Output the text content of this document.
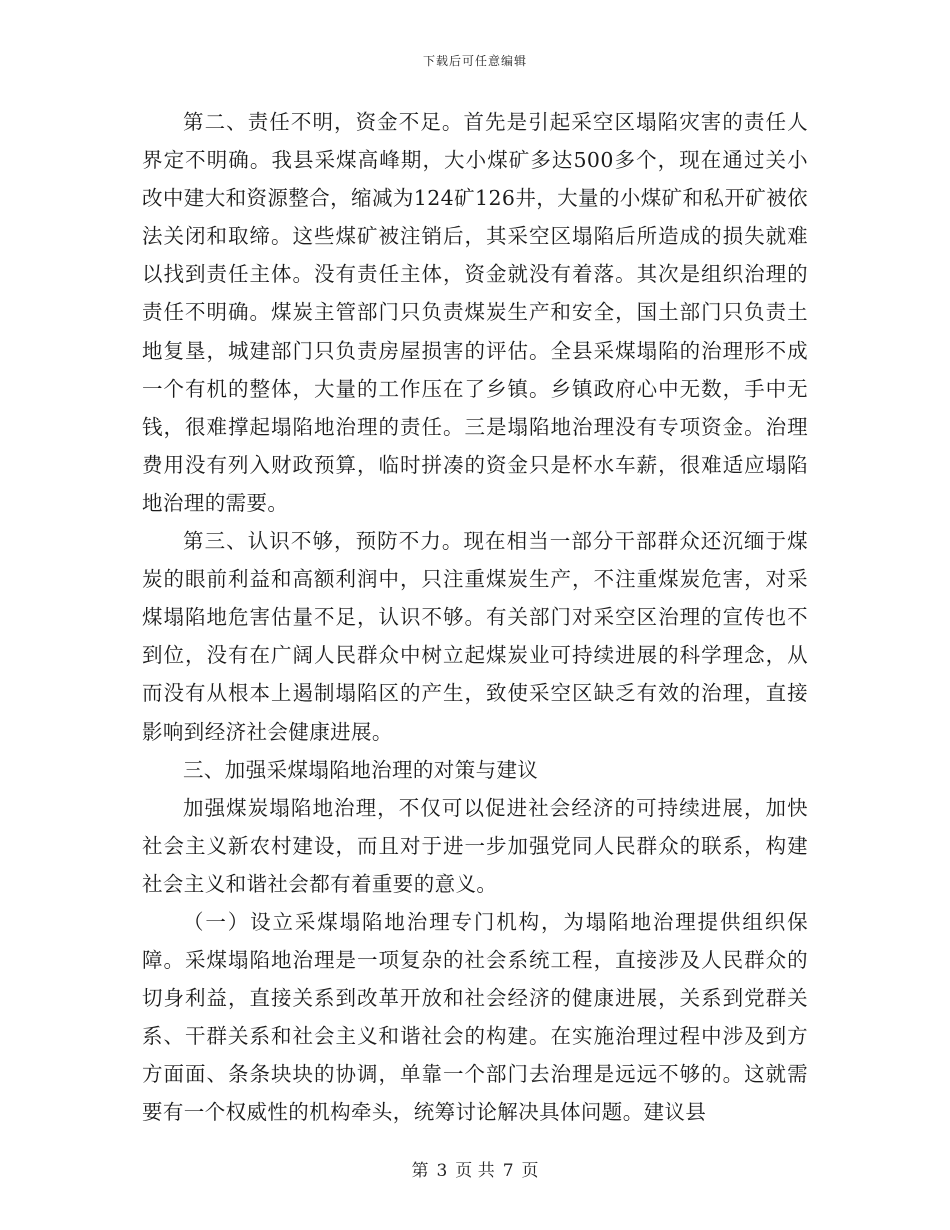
下载后可任意编辑

第二、责任不明，资金不足。首先是引起采空区塌陷灾害的责任人界定不明确。我县采煤高峰期，大小煤矿多达500多个，现在通过关小改中建大和资源整合，缩减为124矿126井，大量的小煤矿和私开矿被依法关闭和取缔。这些煤矿被注销后，其采空区塌陷后所造成的损失就难以找到责任主体。没有责任主体，资金就没有着落。其次是组织治理的责任不明确。煤炭主管部门只负责煤炭生产和安全，国土部门只负责土地复垦，城建部门只负责房屋损害的评估。全县采煤塌陷的治理形不成一个有机的整体，大量的工作压在了乡镇。乡镇政府心中无数，手中无钱，很难撑起塌陷地治理的责任。三是塌陷地治理没有专项资金。治理费用没有列入财政预算，临时拼凑的资金只是杯水车薪，很难适应塌陷地治理的需要。

第三、认识不够，预防不力。现在相当一部分干部群众还沉缅于煤炭的眼前利益和高额利润中，只注重煤炭生产，不注重煤炭危害，对采煤塌陷地危害估量不足，认识不够。有关部门对采空区治理的宣传也不到位，没有在广阔人民群众中树立起煤炭业可持续进展的科学理念，从而没有从根本上遏制塌陷区的产生，致使采空区缺乏有效的治理，直接影响到经济社会健康进展。

三、加强采煤塌陷地治理的对策与建议

加强煤炭塌陷地治理，不仅可以促进社会经济的可持续进展，加快社会主义新农村建设，而且对于进一步加强党同人民群众的联系，构建社会主义和谐社会都有着重要的意义。

（一）设立采煤塌陷地治理专门机构，为塌陷地治理提供组织保障。采煤塌陷地治理是一项复杂的社会系统工程，直接涉及人民群众的切身利益，直接关系到改革开放和社会经济的健康进展，关系到党群关系、干群关系和社会主义和谐社会的构建。在实施治理过程中涉及到方方面面、条条块块的协调，单靠一个部门去治理是远远不够的。这就需要有一个权威性的机构牵头，统筹讨论解决具体问题。建议县

第 3 页 共 7 页
